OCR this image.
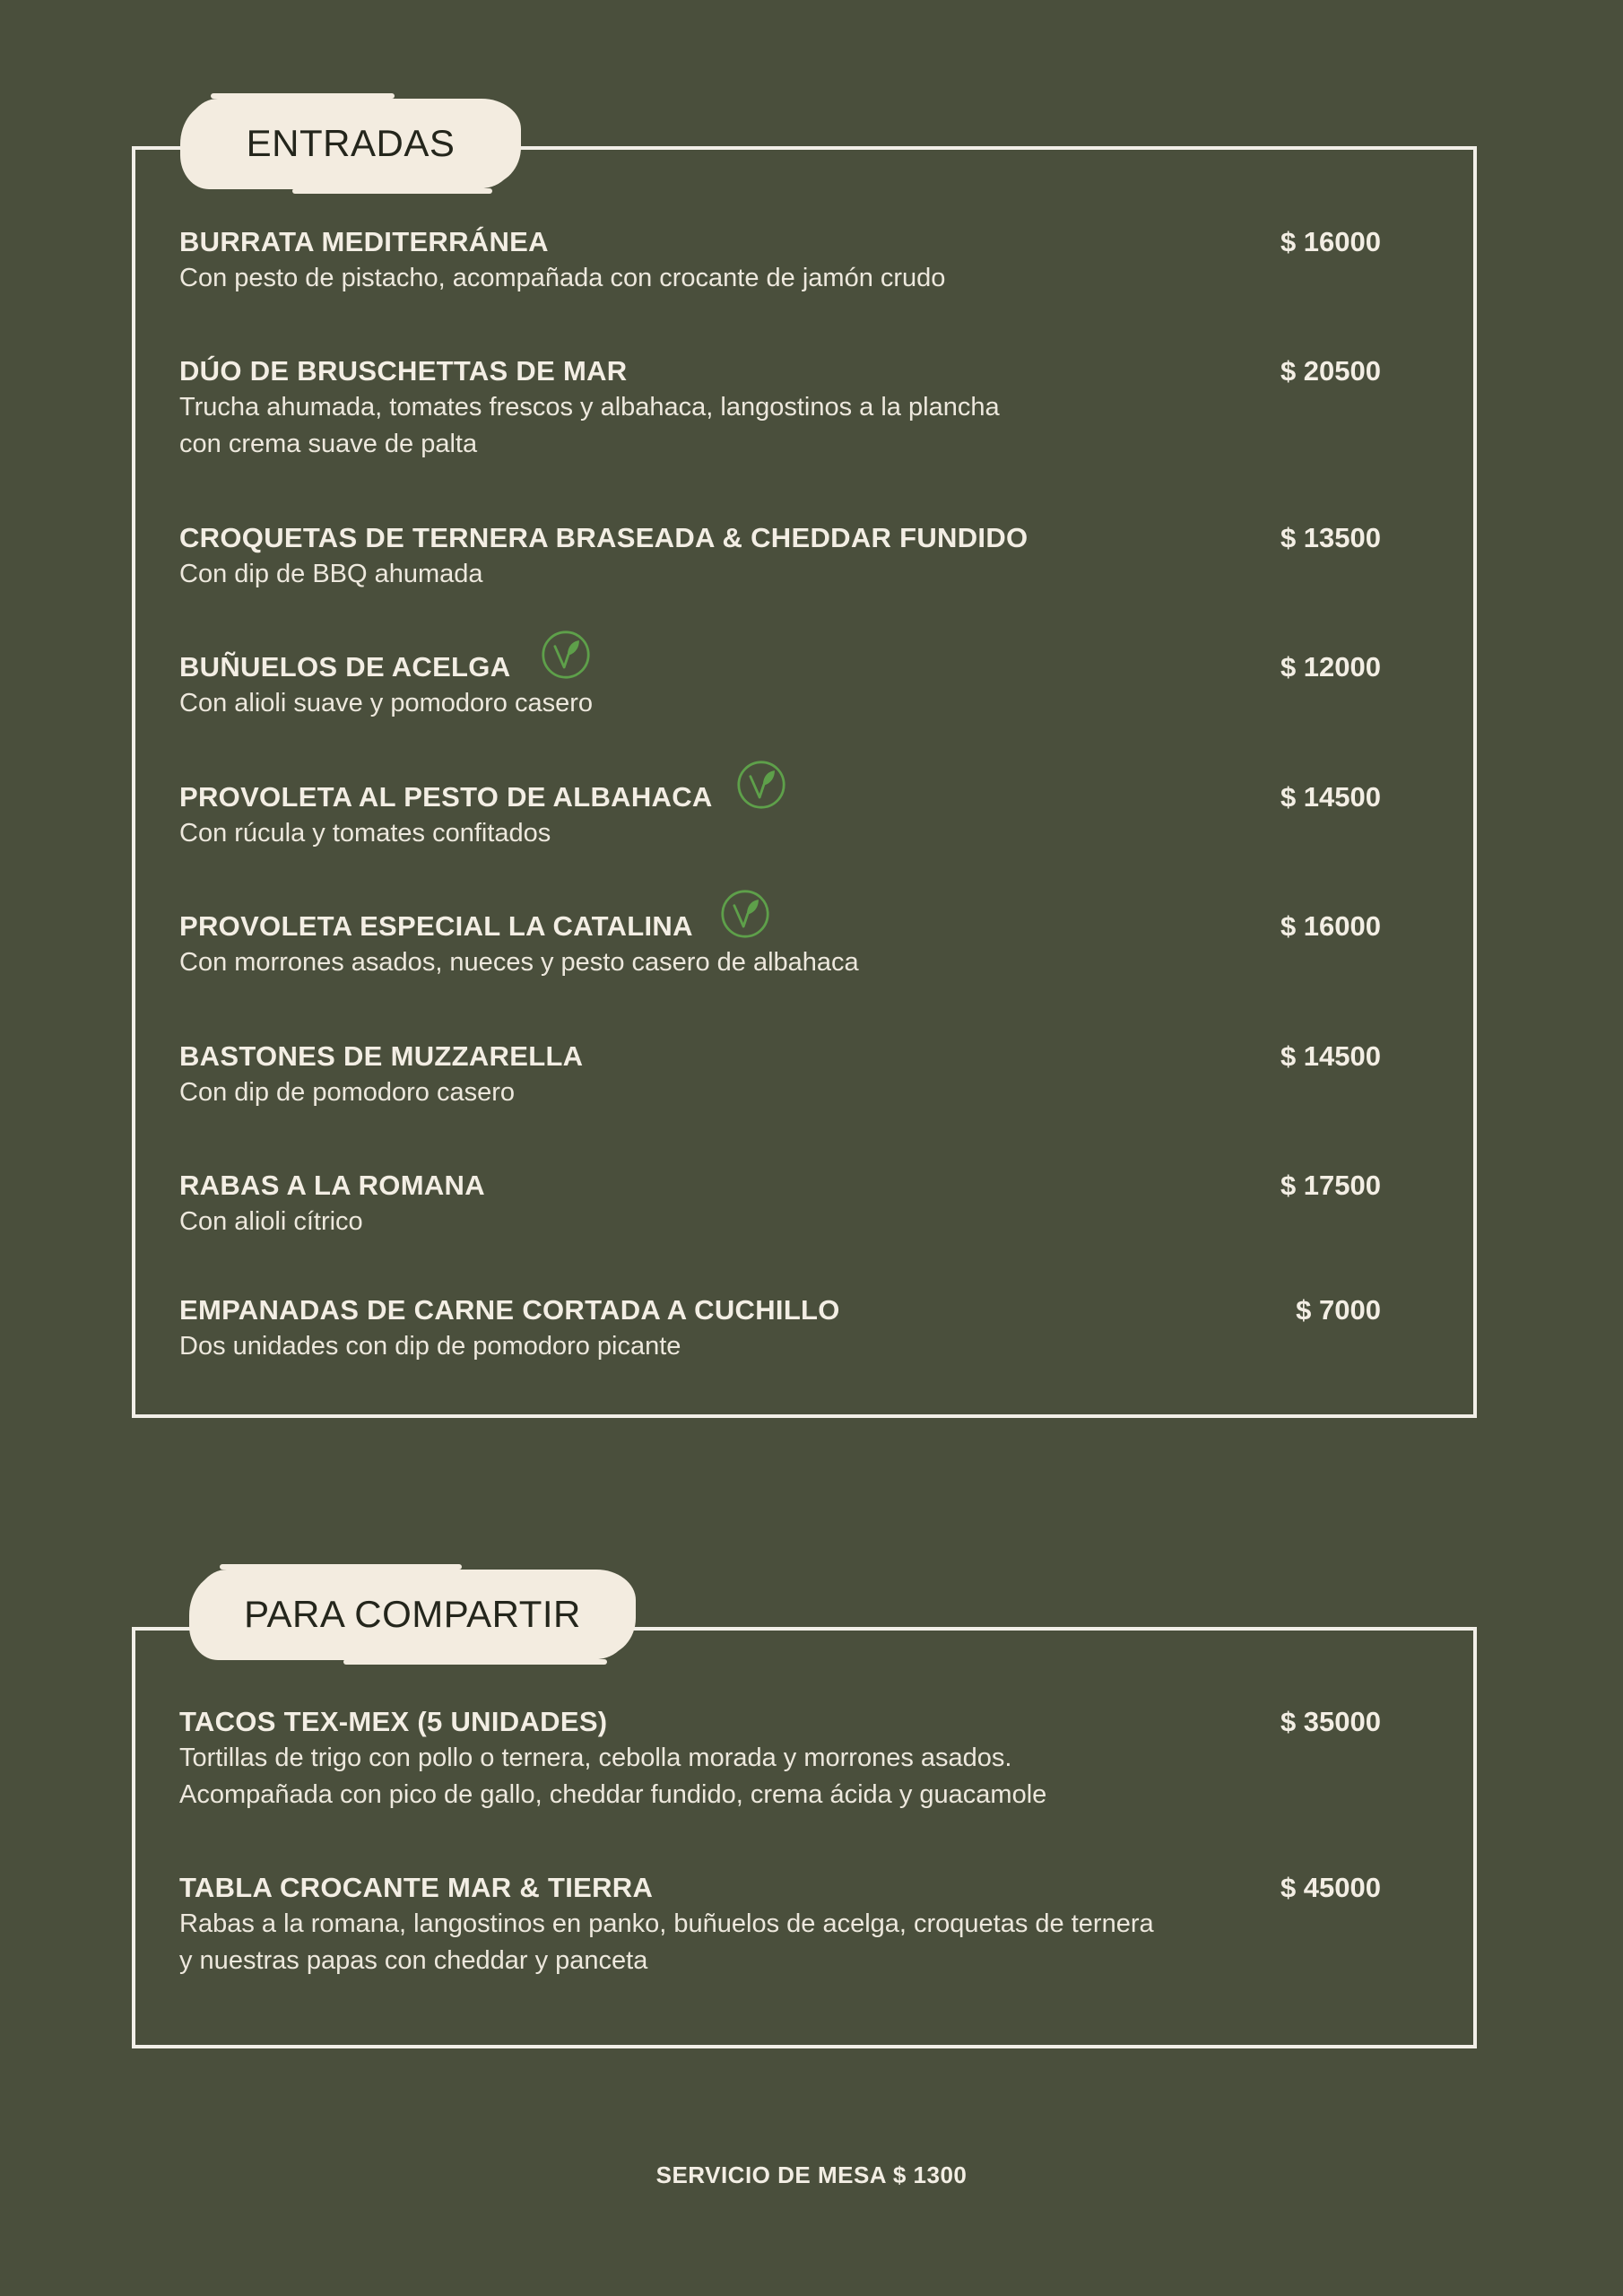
ENTRADAS
BURRATA MEDITERRÁNEA
Con pesto de pistacho, acompañada con crocante de jamón crudo
$ 16000
DÚO DE BRUSCHETTAS DE MAR
Trucha ahumada, tomates frescos y albahaca, langostinos a la plancha
con crema suave de palta
$ 20500
CROQUETAS DE TERNERA BRASEADA & CHEDDAR FUNDIDO
Con dip de BBQ ahumada
$ 13500
BUÑUELOS DE ACELGA
Con alioli suave y pomodoro casero
$ 12000
PROVOLETA AL PESTO DE ALBAHACA
Con rúcula y tomates confitados
$ 14500
PROVOLETA ESPECIAL LA CATALINA
Con morrones asados, nueces y pesto casero de albahaca
$ 16000
BASTONES DE MUZZARELLA
Con dip de pomodoro casero
$ 14500
RABAS A LA ROMANA
Con alioli cítrico
$ 17500
EMPANADAS DE CARNE CORTADA A CUCHILLO
Dos unidades con dip de pomodoro picante
$ 7000
PARA COMPARTIR
TACOS TEX-MEX (5 UNIDADES)
Tortillas de trigo con pollo o ternera, cebolla morada y morrones asados.
Acompañada con pico de gallo, cheddar fundido, crema ácida y guacamole
$ 35000
TABLA CROCANTE MAR & TIERRA
Rabas a la romana, langostinos en panko, buñuelos de acelga, croquetas de ternera
y nuestras papas con cheddar y panceta
$ 45000
SERVICIO DE MESA $ 1300
